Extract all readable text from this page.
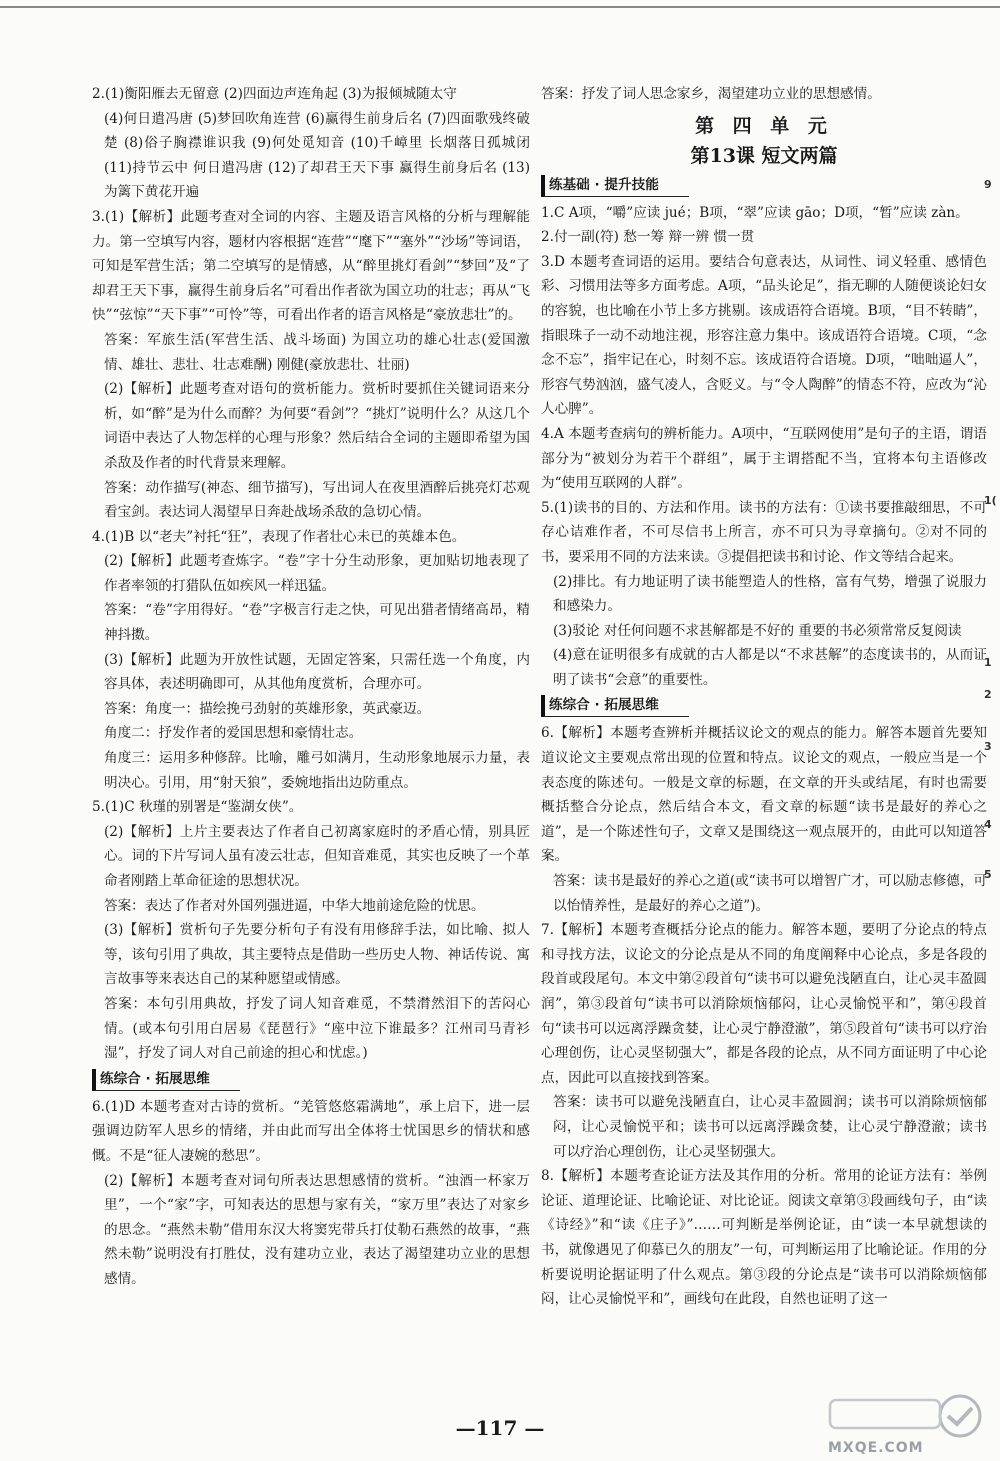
2.(1)衡阳雁去无留意 (2)四面边声连角起 (3)为报倾城随太守

(4)何日遣冯唐 (5)梦回吹角连营 (6)赢得生前身后名 (7)四面歌残终破楚 (8)俗子胸襟谁识我 (9)何处觅知音 (10)千嶂里 长烟落日孤城闭 (11)持节云中 何日遣冯唐 (12)了却君王天下事 赢得生前身后名 (13)为篱下黄花开遍

3.(1)【解析】此题考查对全词的内容、主题及语言风格的分析与理解能力。第一空填写内容，题材内容根据“连营”“麾下”“塞外”“沙场”等词语，可知是军营生活；第二空填写的是情感，从“醉里挑灯看剑”“梦回”及“了却君王天下事，赢得生前身后名”可看出作者欲为国立功的壮志；再从“飞快”“弦惊”“天下事”“可怜”等，可看出作者的语言风格是“豪放悲壮”的。

答案：军旅生活(军营生活、战斗场面) 为国立功的雄心壮志(爱国激情、雄壮、悲壮、壮志难酬) 刚健(豪放悲壮、壮丽)

(2)【解析】此题考查对语句的赏析能力。赏析时要抓住关键词语来分析，如“醉”是为什么而醉？为何要“看剑”？“挑灯”说明什么？从这几个词语中表达了人物怎样的心理与形象？然后结合全词的主题即希望为国杀敌及作者的时代背景来理解。

答案：动作描写(神态、细节描写)，写出词人在夜里酒醉后挑亮灯芯观看宝剑。表达词人渴望早日奔赴战场杀敌的急切心情。

4.(1)B 以“老夫”衬托“狂”，表现了作者壮心未已的英雄本色。

(2)【解析】此题考查炼字。“卷”字十分生动形象，更加贴切地表现了作者率领的打猎队伍如疾风一样迅猛。

答案：“卷”字用得好。“卷”字极言行走之快，可见出猎者情绪高昂，精神抖擞。

(3)【解析】此题为开放性试题，无固定答案，只需任选一个角度，内容具体，表述明确即可，从其他角度赏析，合理亦可。

答案：角度一：描绘挽弓劲射的英雄形象，英武豪迈。

角度二：抒发作者的爱国思想和豪情壮志。

角度三：运用多种修辞。比喻，雕弓如满月，生动形象地展示力量，表明决心。引用，用“射天狼”，委婉地指出边防重点。

5.(1)C 秋瑾的别署是“鉴湖女侠”。

(2)【解析】上片主要表达了作者自己初离家庭时的矛盾心情，别具匠心。词的下片写词人虽有凌云壮志，但知音难觅，其实也反映了一个革命者刚踏上革命征途的思想状况。

答案：表达了作者对外国列强进逼，中华大地前途危险的忧思。

(3)【解析】赏析句子先要分析句子有没有用修辞手法，如比喻、拟人等，该句引用了典故，其主要特点是借助一些历史人物、神话传说、寓言故事等来表达自己的某种愿望或情感。

答案：本句引用典故，抒发了词人知音难觅，不禁潸然泪下的苦闷心情。(或本句引用白居易《琵琶行》“座中泣下谁最多？江州司马青衫湿”，抒发了词人对自己前途的担心和忧虑。)

练综合 · 拓展思维

6.(1)D 本题考查对古诗的赏析。“羌管悠悠霜满地”，承上启下，进一层强调边防军人思乡的情绪，并由此而写出全体将士忧国思乡的情状和感慨。不是“征人凄婉的愁思”。

(2)【解析】本题考查对词句所表达思想感情的赏析。“浊酒一杯家万里”，一个“家”字，可知表达的思想与家有关，“家万里”表达了对家乡的思念。“燕然未勒”借用东汉大将窦宪带兵打仗勒石燕然的故事，“燕然未勒”说明没有打胜仗，没有建功立业，表达了渴望建功立业的思想感情。

答案：抒发了词人思念家乡，渴望建功立业的思想感情。

第 四 单 元
第13课 短文两篇
练基础 · 提升技能

1.C A项，“嚼”应读 jué；B项，“翠”应读 gāo；D项，“暂”应读 zàn。

2.付一副(符) 愁一筹 辩一辨 惯一贯

3.D 本题考查词语的运用。要结合句意表达，从词性、词义轻重、感情色彩、习惯用法等多方面考虑。A项，“品头论足”，指无聊的人随便谈论妇女的容貌，也比喻在小节上多方挑剔。该成语符合语境。B项，“目不转睛”，指眼珠子一动不动地注视，形容注意力集中。该成语符合语境。C项，“念念不忘”，指牢记在心，时刻不忘。该成语符合语境。D项，“咄咄逼人”，形容气势汹汹，盛气凌人，含贬义。与“令人陶醉”的情态不符，应改为“沁人心脾”。

4.A 本题考查病句的辨析能力。A项中，“互联网使用”是句子的主语，谓语部分为“被划分为若干个群组”，属于主谓搭配不当，宜将本句主语修改为“使用互联网的人群”。

5.(1)读书的目的、方法和作用。读书的方法有：①读书要推敲细思，不可存心诘难作者，不可尽信书上所言，亦不可只为寻章摘句。②对不同的书，要采用不同的方法来读。③提倡把读书和讨论、作文等结合起来。

(2)排比。有力地证明了读书能塑造人的性格，富有气势，增强了说服力和感染力。

(3)驳论 对任何问题不求甚解都是不好的 重要的书必须常常反复阅读

(4)意在证明很多有成就的古人都是以“不求甚解”的态度读书的，从而证明了读书“会意”的重要性。

练综合 · 拓展思维

6.【解析】本题考查辨析并概括议论文的观点的能力。解答本题首先要知道议论文主要观点常出现的位置和特点。议论文的观点，一般应当是一个表态度的陈述句。一般是文章的标题，在文章的开头或结尾，有时也需要概括整合分论点，然后结合本文，看文章的标题“读书是最好的养心之道”，是一个陈述性句子，文章又是围绕这一观点展开的，由此可以知道答案。

答案：读书是最好的养心之道(或“读书可以增智广才，可以励志修德，可以怡情养性，是最好的养心之道”)。

7.【解析】本题考查概括分论点的能力。解答本题，要明了分论点的特点和寻找方法，议论文的分论点是从不同的角度阐释中心论点，多是各段的段首或段尾句。本文中第②段首句“读书可以避免浅陋直白，让心灵丰盈圆润”，第③段首句“读书可以消除烦恼郁闷，让心灵愉悦平和”，第④段首句“读书可以远离浮躁贪婪，让心灵宁静澄澈”，第⑤段首句“读书可以疗治心理创伤，让心灵坚韧强大”，都是各段的论点，从不同方面证明了中心论点，因此可以直接找到答案。

答案：读书可以避免浅陋直白，让心灵丰盈圆润；读书可以消除烦恼郁闷，让心灵愉悦平和；读书可以远离浮躁贪婪，让心灵宁静澄澈；读书可以疗治心理创伤，让心灵坚韧强大。

8.【解析】本题考查论证方法及其作用的分析。常用的论证方法有：举例论证、道理论证、比喻论证、对比论证。阅读文章第③段画线句子，由“读《诗经》”和“读《庄子》”……可判断是举例论证，由“读一本早就想读的书，就像遇见了仰慕已久的朋友”一句，可判断运用了比喻论证。作用的分析要说明论据证明了什么观点。第③段的分论点是“读书可以消除烦恼郁闷，让心灵愉悦平和”，画线句在此段，自然也证明了这一

—117 —
9
1(
1
2
3
4
5
MXQE.COM
